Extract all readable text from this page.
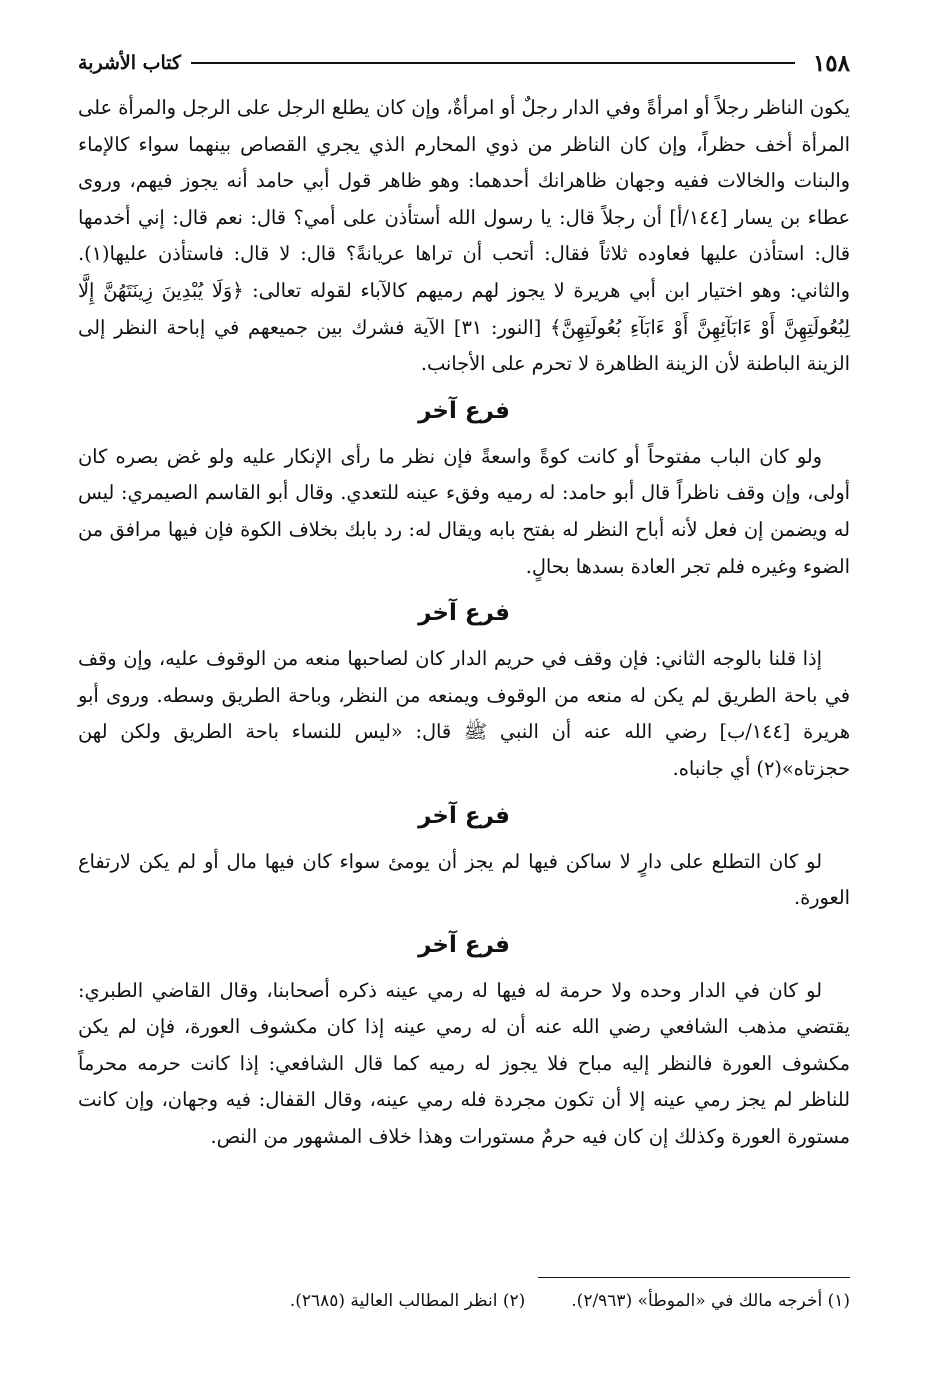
١٥٨
كتاب الأشربة

يكون الناظر رجلاً أو امرأةً وفي الدار رجلٌ أو امرأةٌ، وإن كان يطلع الرجل على الرجل والمرأة على المرأة أخف حظراً، وإن كان الناظر من ذوي المحارم الذي يجري القصاص بينهما سواء كالإماء والبنات والخالات ففيه وجهان ظاهرانك أحدهما: وهو ظاهر قول أبي حامد أنه يجوز فيهم، وروى عطاء بن يسار [١٤٤/أ] أن رجلاً قال: يا رسول الله أستأذن على أمي؟ قال: نعم قال: إني أخدمها قال: استأذن عليها فعاوده ثلاثاً فقال: أتحب أن تراها عريانةً؟ قال: لا قال: فاستأذن عليها(١). والثاني: وهو اختيار ابن أبي هريرة لا يجوز لهم رميهم كالآباء لقوله تعالى: ﴿وَلَا يُبْدِينَ زِينَتَهُنَّ إِلَّا لِبُعُولَتِهِنَّ أَوْ ءَابَآئِهِنَّ أَوْ ءَابَآءِ بُعُولَتِهِنَّ﴾ [النور: ٣١] الآية فشرك بين جميعهم في إباحة النظر إلى الزينة الباطنة لأن الزينة الظاهرة لا تحرم على الأجانب.

فرع آخر

ولو كان الباب مفتوحاً أو كانت كوةً واسعةً فإن نظر ما رأى الإنكار عليه ولو غض بصره كان أولى، وإن وقف ناظراً قال أبو حامد: له رميه وفقء عينه للتعدي. وقال أبو القاسم الصيمري: ليس له ويضمن إن فعل لأنه أباح النظر له بفتح بابه ويقال له: رد بابك بخلاف الكوة فإن فيها مرافق من الضوء وغيره فلم تجر العادة بسدها بحالٍ.

فرع آخر

إذا قلنا بالوجه الثاني: فإن وقف في حريم الدار كان لصاحبها منعه من الوقوف عليه، وإن وقف في باحة الطريق لم يكن له منعه من الوقوف ويمنعه من النظر، وباحة الطريق وسطه. وروى أبو هريرة [١٤٤/ب] رضي الله عنه أن النبي ﷺ قال: «ليس للنساء باحة الطريق ولكن لهن حجزتاه»(٢) أي جانباه.

فرع آخر

لو كان التطلع على دارٍ لا ساكن فيها لم يجز أن يومئ سواء كان فيها مال أو لم يكن لارتفاع العورة.

فرع آخر

لو كان في الدار وحده ولا حرمة له فيها له رمي عينه ذكره أصحابنا، وقال القاضي الطبري: يقتضي مذهب الشافعي رضي الله عنه أن له رمي عينه إذا كان مكشوف العورة، فإن لم يكن مكشوف العورة فالنظر إليه مباح فلا يجوز له رميه كما قال الشافعي: إذا كانت حرمه محرماً للناظر لم يجز رمي عينه إلا أن تكون مجردة فله رمي عينه، وقال القفال: فيه وجهان، وإن كانت مستورة العورة وكذلك إن كان فيه حرمٌ مستورات وهذا خلاف المشهور من النص.

(١) أخرجه مالك في «الموطأ» (٢/٩٦٣).
(٢) انظر المطالب العالية (٢٦٨٥).
